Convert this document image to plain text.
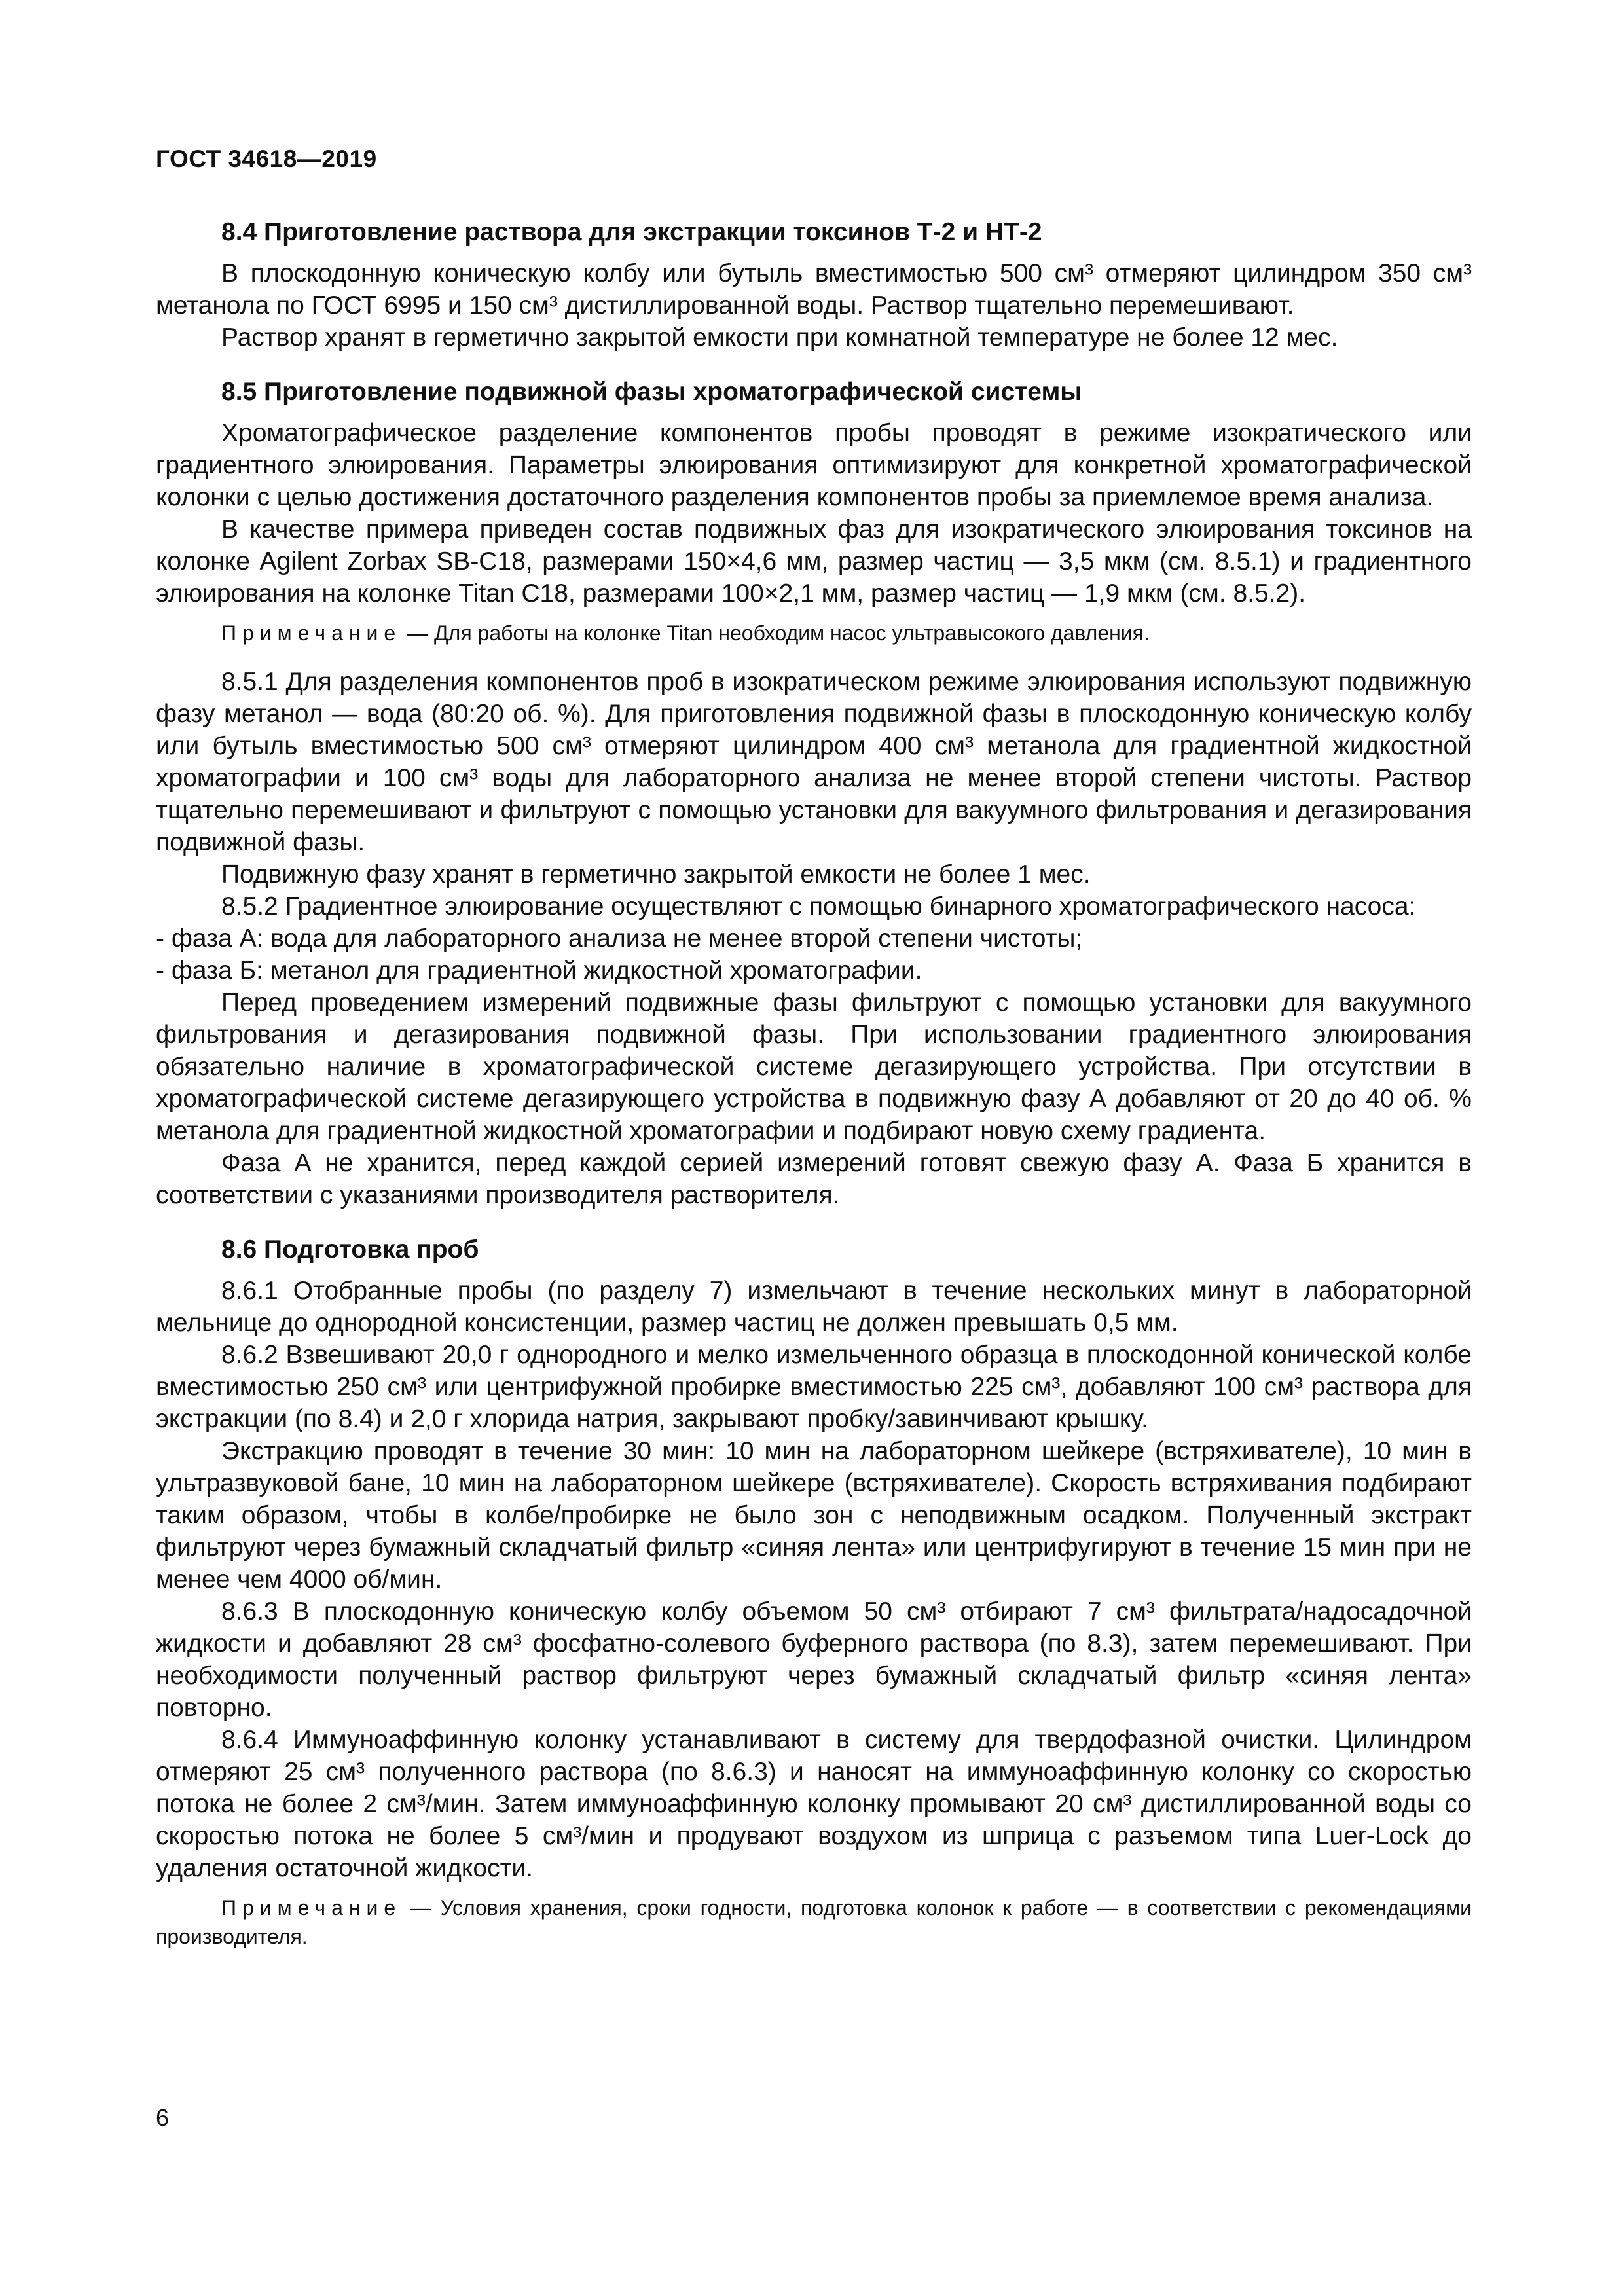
ГОСТ 34618—2019
8.4 Приготовление раствора для экстракции токсинов Т-2 и НТ-2

В плоскодонную коническую колбу или бутыль вместимостью 500 см³ отмеряют цилиндром 350 см³ метанола по ГОСТ 6995 и 150 см³ дистиллированной воды. Раствор тщательно перемешивают.

Раствор хранят в герметично закрытой емкости при комнатной температуре не более 12 мес.

8.5 Приготовление подвижной фазы хроматографической системы

Хроматографическое разделение компонентов пробы проводят в режиме изократического или градиентного элюирования. Параметры элюирования оптимизируют для конкретной хроматографической колонки с целью достижения достаточного разделения компонентов пробы за приемлемое время анализа.

В качестве примера приведен состав подвижных фаз для изократического элюирования токсинов на колонке Agilent Zorbax SB-C18, размерами 150×4,6 мм, размер частиц — 3,5 мкм (см. 8.5.1) и градиентного элюирования на колонке Titan C18, размерами 100×2,1 мм, размер частиц — 1,9 мкм (см. 8.5.2).

Примечание — Для работы на колонке Titan необходим насос ультравысокого давления.

8.5.1 Для разделения компонентов проб в изократическом режиме элюирования используют подвижную фазу метанол — вода (80:20 об. %). Для приготовления подвижной фазы в плоскодонную коническую колбу или бутыль вместимостью 500 см³ отмеряют цилиндром 400 см³ метанола для градиентной жидкостной хроматографии и 100 см³ воды для лабораторного анализа не менее второй степени чистоты. Раствор тщательно перемешивают и фильтруют с помощью установки для вакуумного фильтрования и дегазирования подвижной фазы.

Подвижную фазу хранят в герметично закрытой емкости не более 1 мес.

8.5.2 Градиентное элюирование осуществляют с помощью бинарного хроматографического насоса:

- фаза А: вода для лабораторного анализа не менее второй степени чистоты;

- фаза Б: метанол для градиентной жидкостной хроматографии.

Перед проведением измерений подвижные фазы фильтруют с помощью установки для вакуумного фильтрования и дегазирования подвижной фазы. При использовании градиентного элюирования обязательно наличие в хроматографической системе дегазирующего устройства. При отсутствии в хроматографической системе дегазирующего устройства в подвижную фазу А добавляют от 20 до 40 об. % метанола для градиентной жидкостной хроматографии и подбирают новую схему градиента.

Фаза А не хранится, перед каждой серией измерений готовят свежую фазу А. Фаза Б хранится в соответствии с указаниями производителя растворителя.

8.6 Подготовка проб

8.6.1 Отобранные пробы (по разделу 7) измельчают в течение нескольких минут в лабораторной мельнице до однородной консистенции, размер частиц не должен превышать 0,5 мм.

8.6.2 Взвешивают 20,0 г однородного и мелко измельченного образца в плоскодонной конической колбе вместимостью 250 см³ или центрифужной пробирке вместимостью 225 см³, добавляют 100 см³ раствора для экстракции (по 8.4) и 2,0 г хлорида натрия, закрывают пробку/завинчивают крышку.

Экстракцию проводят в течение 30 мин: 10 мин на лабораторном шейкере (встряхивателе), 10 мин в ультразвуковой бане, 10 мин на лабораторном шейкере (встряхивателе). Скорость встряхивания подбирают таким образом, чтобы в колбе/пробирке не было зон с неподвижным осадком. Полученный экстракт фильтруют через бумажный складчатый фильтр «синяя лента» или центрифугируют в течение 15 мин при не менее чем 4000 об/мин.

8.6.3 В плоскодонную коническую колбу объемом 50 см³ отбирают 7 см³ фильтрата/надосадочной жидкости и добавляют 28 см³ фосфатно-солевого буферного раствора (по 8.3), затем перемешивают. При необходимости полученный раствор фильтруют через бумажный складчатый фильтр «синяя лента» повторно.

8.6.4 Иммуноаффинную колонку устанавливают в систему для твердофазной очистки. Цилиндром отмеряют 25 см³ полученного раствора (по 8.6.3) и наносят на иммуноаффинную колонку со скоростью потока не более 2 см³/мин. Затем иммуноаффинную колонку промывают 20 см³ дистиллированной воды со скоростью потока не более 5 см³/мин и продувают воздухом из шприца с разъемом типа Luer-Lock до удаления остаточной жидкости.

Примечание — Условия хранения, сроки годности, подготовка колонок к работе — в соответствии с рекомендациями производителя.
6
